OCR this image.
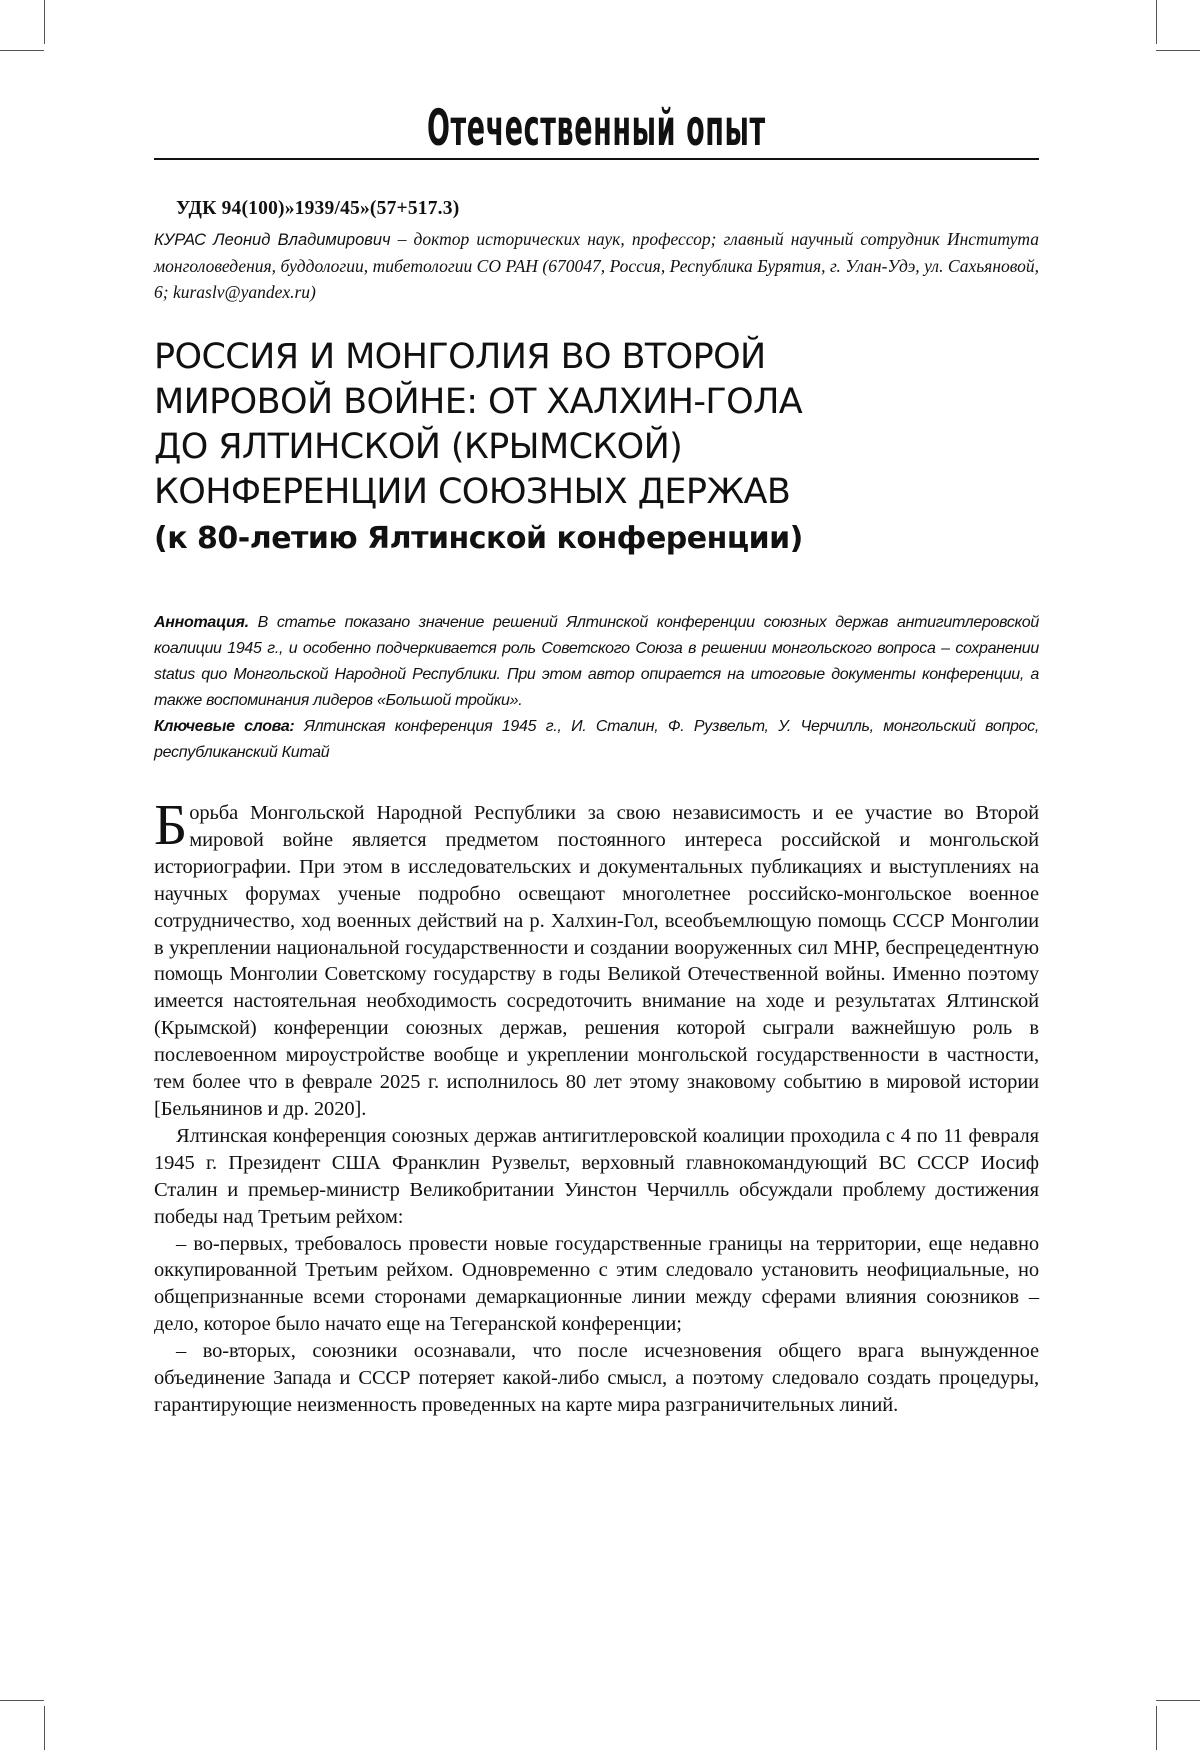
Отечественный опыт
УДК 94(100)»1939/45»(57+517.3)
КУРАС Леонид Владимирович – доктор исторических наук, профессор; главный научный сотрудник Института монголоведения, буддологии, тибетологии СО РАН (670047, Россия, Республика Бурятия, г. Улан-Удэ, ул. Сахьяновой, 6; kuraslv@yandex.ru)
РОССИЯ И МОНГОЛИЯ ВО ВТОРОЙ
МИРОВОЙ ВОЙНЕ: ОТ ХАЛХИН-ГОЛА
ДО ЯЛТИНСКОЙ (КРЫМСКОЙ)
КОНФЕРЕНЦИИ СОЮЗНЫХ ДЕРЖАВ
(к 80-летию Ялтинской конференции)

Аннотация. В статье показано значение решений Ялтинской конференции союзных держав антигитлеровской коалиции 1945 г., и особенно подчеркивается роль Советского Союза в решении монгольского вопроса – сохранении status quo Монгольской Народной Республики. При этом автор опирается на итоговые документы конференции, а также воспоминания лидеров «Большой тройки».

Ключевые слова: Ялтинская конференция 1945 г., И. Сталин, Ф. Рузвельт, У. Черчилль, монгольский вопрос, республиканский Китай

Б орьба Монгольской Народной Республики за свою независимость и ее участие во Второй мировой войне является предметом постоянного интереса российской и монгольской историографии. При этом в исследовательских и документальных публикациях и выступлениях на научных форумах ученые подробно освещают многолетнее российско-монгольское военное сотрудничество, ход военных действий на р. Халхин-Гол, всеобъемлющую помощь СССР Монголии в укреплении национальной государственности и создании вооруженных сил МНР, беспрецедентную помощь Монголии Советскому государству в годы Великой Отечественной войны. Именно поэтому имеется настоятельная необходимость сосредоточить внимание на ходе и результатах Ялтинской (Крымской) конференции союзных держав, решения которой сыграли важнейшую роль в послевоенном мироустройстве вообще и укреплении монгольской государственности в частности, тем более что в феврале 2025 г. исполнилось 80 лет этому знаковому событию в мировой истории [Бельянинов и др. 2020].

Ялтинская конференция союзных держав антигитлеровской коалиции проходила с 4 по 11 февраля 1945 г. Президент США Франклин Рузвельт, верховный главнокомандующий ВС СССР Иосиф Сталин и премьер-министр Великобритании Уинстон Черчилль обсуждали проблему достижения победы над Третьим рейхом:

– во-первых, требовалось провести новые государственные границы на территории, еще недавно оккупированной Третьим рейхом. Одновременно с этим следовало установить неофициальные, но общепризнанные всеми сторонами демаркационные линии между сферами влияния союзников – дело, которое было начато еще на Тегеранской конференции;

– во-вторых, союзники осознавали, что после исчезновения общего врага вынужденное объединение Запада и СССР потеряет какой-либо смысл, а поэтому следовало создать процедуры, гарантирующие неизменность проведенных на карте мира разграничительных линий.
